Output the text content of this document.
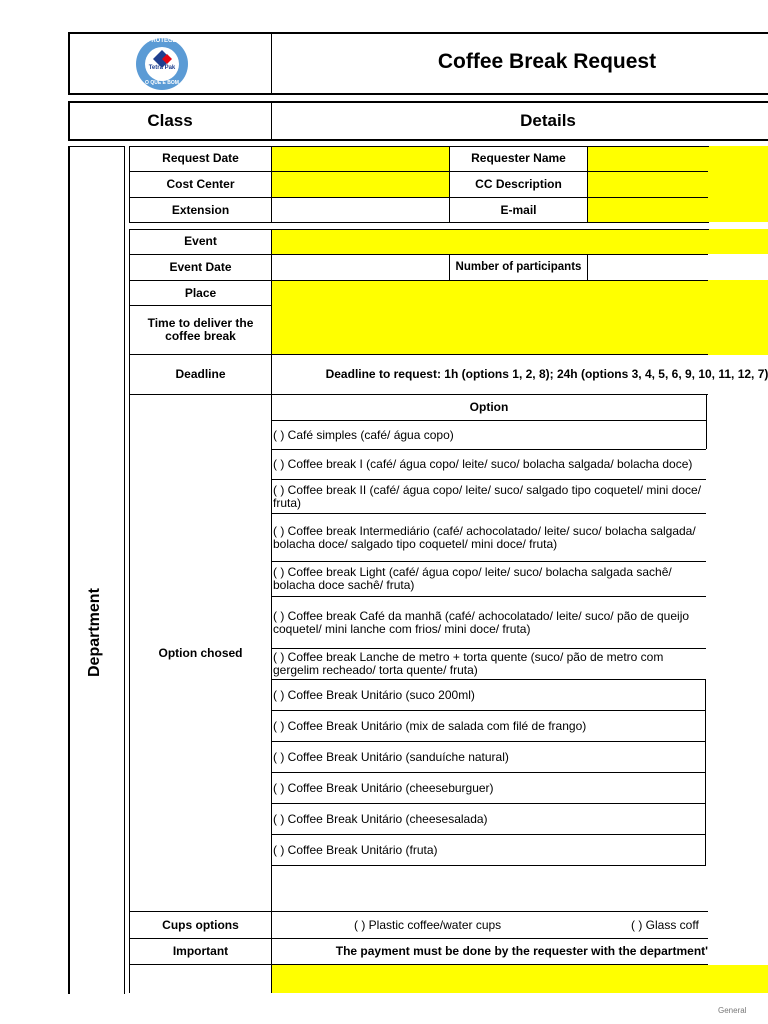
PROTEGE
Tetra Pak
O QUE É BOM
Coffee Break Request
Class	Details
Department
Request Date	Requester Name
Cost Center	CC Description
Extension	E-mail
Event
Event Date	Number of participants
Place
Time to deliver the coffee break
Deadline	Deadline to request: 1h (options 1, 2, 8); 24h (options 3, 4, 5, 6, 9, 10, 11, 12, 7)
Option chosed
Option
( ) Café simples (café/ água copo)
( ) Coffee break I (café/ água copo/ leite/ suco/ bolacha salgada/ bolacha doce)
( ) Coffee break II (café/ água copo/ leite/ suco/ salgado tipo coquetel/ mini doce/ fruta)
( ) Coffee break Intermediário (café/ achocolatado/ leite/ suco/ bolacha salgada/ bolacha doce/ salgado tipo coquetel/ mini doce/ fruta)
( ) Coffee break Light (café/ água copo/ leite/ suco/ bolacha salgada sachê/ bolacha doce sachê/ fruta)
( ) Coffee break Café da manhã (café/ achocolatado/ leite/ suco/ pão de queijo coquetel/ mini lanche com frios/ mini doce/ fruta)
( ) Coffee break Lanche de metro + torta quente (suco/ pão de metro com gergelim recheado/ torta quente/ fruta)
( ) Coffee Break Unitário (suco 200ml)
( ) Coffee Break Unitário (mix de salada com filé de frango)
( ) Coffee Break Unitário (sanduíche natural)
( ) Coffee Break Unitário (cheeseburguer)
( ) Coffee Break Unitário (cheesesalada)
( ) Coffee Break Unitário (fruta)
Cups options	( ) Plastic coffee/water cups	( ) Glass coff
Important	The payment must be done by the requester with the department'
General
